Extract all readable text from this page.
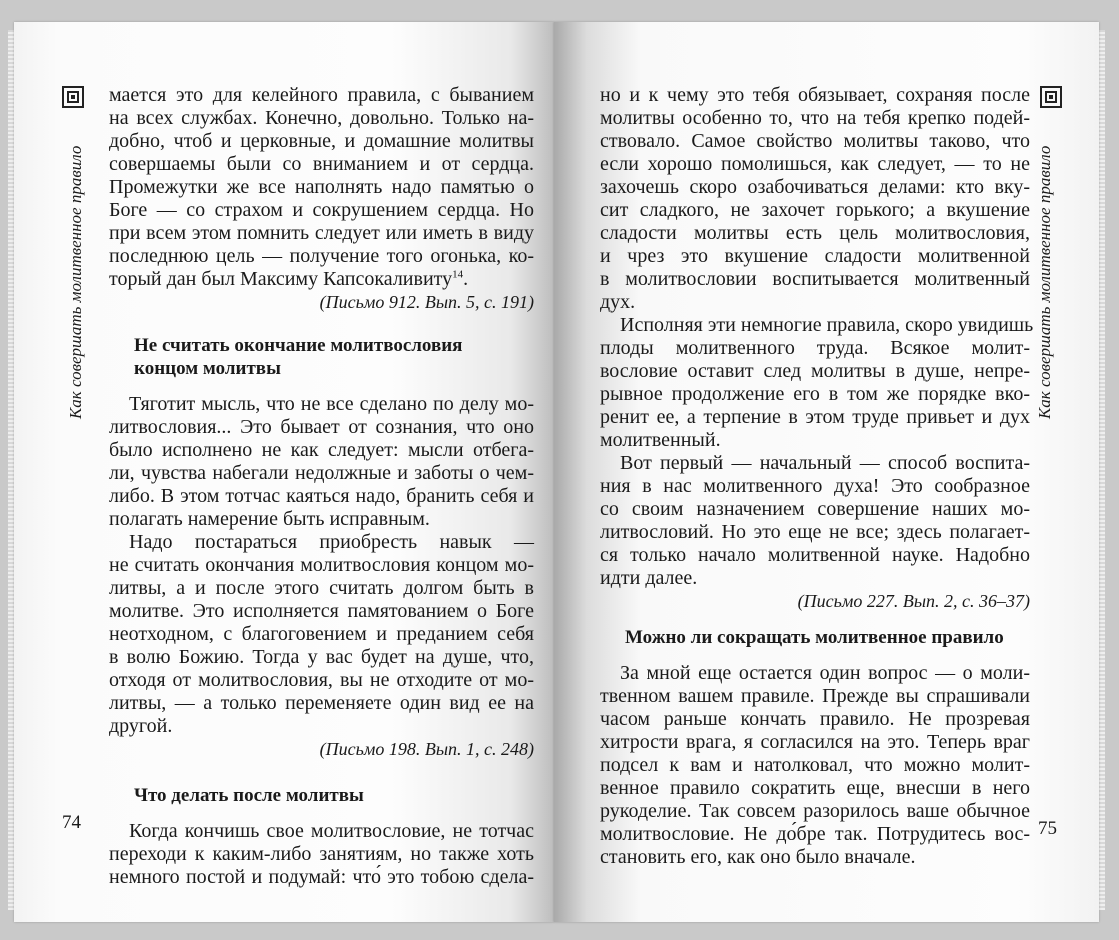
Как совершать молитвенное правило
74
мается это для келейного правила, с быванием
на всех службах. Конечно, довольно. Только на-
добно, чтоб и церковные, и домашние молитвы
совершаемы были со вниманием и от сердца.
Промежутки же все наполнять надо памятью о
Боге — со страхом и сокрушением сердца. Но
при всем этом помнить следует или иметь в виду
последнюю цель — получение того огонька, ко-
торый дан был Максиму Капсокаливиту$^{14}$.
(Письмо 912. Вып. 5, с. 191)
Не считать окончание молитвословия
концом молитвы
Тяготит мысль, что не все сделано по делу мо-
литвословия... Это бывает от сознания, что оно
было исполнено не как следует: мысли отбега-
ли, чувства набегали недолжные и заботы о чем-
либо. В этом тотчас каяться надо, бранить себя и
полагать намерение быть исправным.
Надо постараться приобресть навык —
не считать окончания молитвословия концом мо-
литвы, а и после этого считать долгом быть в
молитве. Это исполняется памятованием о Боге
неотходном, с благоговением и преданием себя
в волю Божию. Тогда у вас будет на душе, что,
отходя от молитвословия, вы не отходите от мо-
литвы, — а только переменяете один вид ее на
другой.
(Письмо 198. Вып. 1, с. 248)
Что делать после молитвы
Когда кончишь свое молитвословие, не тотчас
переходи к каким-либо занятиям, но также хоть
немного постой и подумай: что́ это тобою сдела-
Как совершать молитвенное правило
75
но и к чему это тебя обязывает, сохраняя после
молитвы особенно то, что на тебя крепко подей-
ствовало. Самое свойство молитвы таково, что
если хорошо помолишься, как следует, — то не
захочешь скоро озабочиваться делами: кто вку-
сит сладкого, не захочет горького; а вкушение
сладости молитвы есть цель молитвословия,
и чрез это вкушение сладости молитвенной
в молитвословии воспитывается молитвенный
дух.
Исполняя эти немногие правила, скоро увидишь
плоды молитвенного труда. Всякое молит-
вословие оставит след молитвы в душе, непре-
рывное продолжение его в том же порядке вко-
ренит ее, а терпение в этом труде привьет и дух
молитвенный.
Вот первый — начальный — способ воспита-
ния в нас молитвенного духа! Это сообразное
со своим назначением совершение наших мо-
литвословий. Но это еще не все; здесь полагает-
ся только начало молитвенной науке. Надобно
идти далее.
(Письмо 227. Вып. 2, с. 36–37)
Можно ли сокращать молитвенное правило
За мной еще остается один вопрос — о моли-
твенном вашем правиле. Прежде вы спрашивали
часом раньше кончать правило. Не прозревая
хитрости врага, я согласился на это. Теперь враг
подсел к вам и натолковал, что можно молит-
венное правило сократить еще, внесши в него
рукоделие. Так совсем разорилось ваше обычное
молитвословие. Не до́бре так. Потрудитесь вос-
становить его, как оно было вначале.
